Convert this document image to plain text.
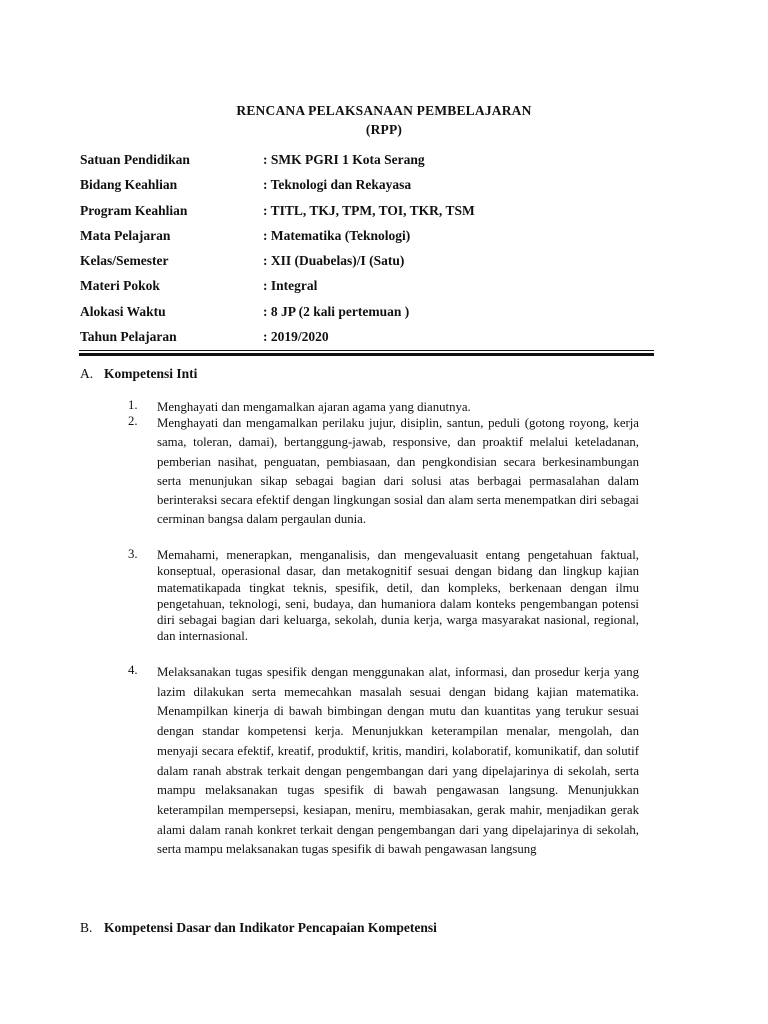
RENCANA PELAKSANAAN PEMBELAJARAN
(RPP)
Satuan Pendidikan	: SMK PGRI 1 Kota Serang
Bidang Keahlian	: Teknologi dan Rekayasa
Program Keahlian	: TITL, TKJ, TPM, TOI, TKR, TSM
Mata Pelajaran	: Matematika (Teknologi)
Kelas/Semester	: XII (Duabelas)/I (Satu)
Materi Pokok	: Integral
Alokasi Waktu	: 8 JP (2 kali pertemuan )
Tahun Pelajaran	: 2019/2020
A. Kompetensi Inti
1. Menghayati dan mengamalkan ajaran agama yang dianutnya.
2. Menghayati dan mengamalkan perilaku jujur, disiplin, santun, peduli (gotong royong, kerja sama, toleran, damai), bertanggung-jawab, responsive, dan proaktif melalui keteladanan, pemberian nasihat, penguatan, pembiasaan, dan pengkondisian secara berkesinambungan serta menunjukan sikap sebagai bagian dari solusi atas berbagai permasalahan dalam berinteraksi secara efektif dengan lingkungan sosial dan alam serta menempatkan diri sebagai cerminan bangsa dalam pergaulan dunia.
3. Memahami, menerapkan, menganalisis, dan mengevaluasit entang pengetahuan faktual, konseptual, operasional dasar, dan metakognitif sesuai dengan bidang dan lingkup kajian matematikapada tingkat teknis, spesifik, detil, dan kompleks, berkenaan dengan ilmu pengetahuan, teknologi, seni, budaya, dan humaniora dalam konteks pengembangan potensi diri sebagai bagian dari keluarga, sekolah, dunia kerja, warga masyarakat nasional, regional, dan internasional.
4. Melaksanakan tugas spesifik dengan menggunakan alat, informasi, dan prosedur kerja yang lazim dilakukan serta memecahkan masalah sesuai dengan bidang kajian matematika. Menampilkan kinerja di bawah bimbingan dengan mutu dan kuantitas yang terukur sesuai dengan standar kompetensi kerja. Menunjukkan keterampilan menalar, mengolah, dan menyaji secara efektif, kreatif, produktif, kritis, mandiri, kolaboratif, komunikatif, dan solutif dalam ranah abstrak terkait dengan pengembangan dari yang dipelajarinya di sekolah, serta mampu melaksanakan tugas spesifik di bawah pengawasan langsung. Menunjukkan keterampilan mempersepsi, kesiapan, meniru, membiasakan, gerak mahir, menjadikan gerak alami dalam ranah konkret terkait dengan pengembangan dari yang dipelajarinya di sekolah, serta mampu melaksanakan tugas spesifik di bawah pengawasan langsung
B. Kompetensi Dasar dan Indikator Pencapaian Kompetensi
